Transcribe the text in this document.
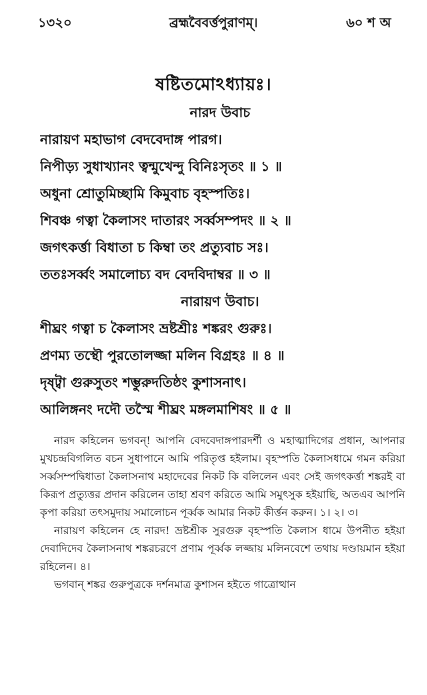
১৩২০	ব্রহ্মবৈবর্ত্তপুরাণম্।	৬০ শ অ
ষষ্টিতমোঽধ্যায়ঃ।
নারদ উবাচ
নারায়ণ মহাভাগ বেদবেদাঙ্গ পারগ।
নিপীড়্য সুধাখ্যানং ত্বন্মুখেন্দু বিনিঃসৃতং ॥ ১ ॥
অধুনা শ্রোতুমিচ্ছামি কিমুবাচ বৃহস্পতিঃ।
শিবঞ্চ গত্বা কৈলাসং দাতারং সর্ব্বসম্পদং ॥ ২ ॥
জগৎকর্ত্তা বিধাতা চ কিম্বা তং প্রত্যুবাচ সঃ।
ততঃসর্ব্বং সমালোচ্য বদ বেদবিদাম্বর ॥ ৩ ॥
নারায়ণ উবাচ।
শীঘ্রং গত্বা চ কৈলাসং ভ্রষ্টশ্রীঃ শঙ্করং গুরুঃ।
প্রণম্য তস্থৌ পুরতোলজ্জা মলিন বিগ্রহঃ ॥ ৪ ॥
দৃষ্ট্বা গুরুসুতং শম্ভুরুদতিষ্ঠং কুশাসনাৎ।
আলিঙ্গনং দদৌ তস্মৈ শীঘ্রং মঙ্গলমাশিষং ॥ ৫ ॥

নারদ কহিলেন ভগবন্! আপনি বেদবেদাঙ্গপারদর্শী ও মহাত্মাদিগের প্রধান, আপনার মুখচন্দ্রবিগলিত বচন সুধাপানে আমি পরিতৃপ্ত হইলাম। বৃহস্পতি কৈলাসধামে গমন করিয়া সর্ব্বসম্পদ্বিধাতা কৈলাসনাথ মহাদেবের নিকট কি বলিলেন এবং সেই জগৎকর্ত্তা শঙ্করই বা কিরূপ প্রত্যুত্তর প্রদান করিলেন তাহা শ্রবণ করিতে আমি সমুৎসুক হইয়াছি, অতএব আপনি কৃপা করিয়া তৎসমুদায় সমালোচন পূর্ব্বক আমার নিকট কীর্ত্তন করুন। ১। ২। ৩।

নারায়ণ কহিলেন হে নারদ! ভ্রষ্টশ্রীক সুরগুরু বৃহস্পতি কৈলাস ধামে উপনীত হইয়া দেবাদিদেব কৈলাসনাথ শঙ্করচরণে প্রণাম পূর্ব্বক লজ্জায় মলিনবেশে তথায় দণ্ডায়মান হইয়া রহিলেন। ৪।

ভগবান্ শঙ্কর গুরুপুত্রকে দর্শনমাত্র কুশাসন হইতে গাত্রোত্থান
